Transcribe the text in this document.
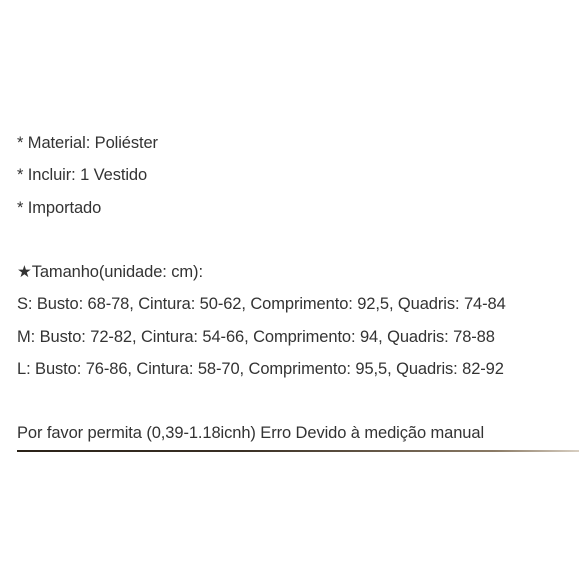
* Material: Poliéster
* Incluir: 1 Vestido
* Importado
★Tamanho(unidade: cm):
S: Busto: 68-78, Cintura: 50-62, Comprimento: 92,5, Quadris: 74-84
M: Busto: 72-82, Cintura: 54-66, Comprimento: 94, Quadris: 78-88
L: Busto: 76-86, Cintura: 58-70, Comprimento: 95,5, Quadris: 82-92
Por favor permita (0,39-1.18icnh) Erro Devido à medição manual
